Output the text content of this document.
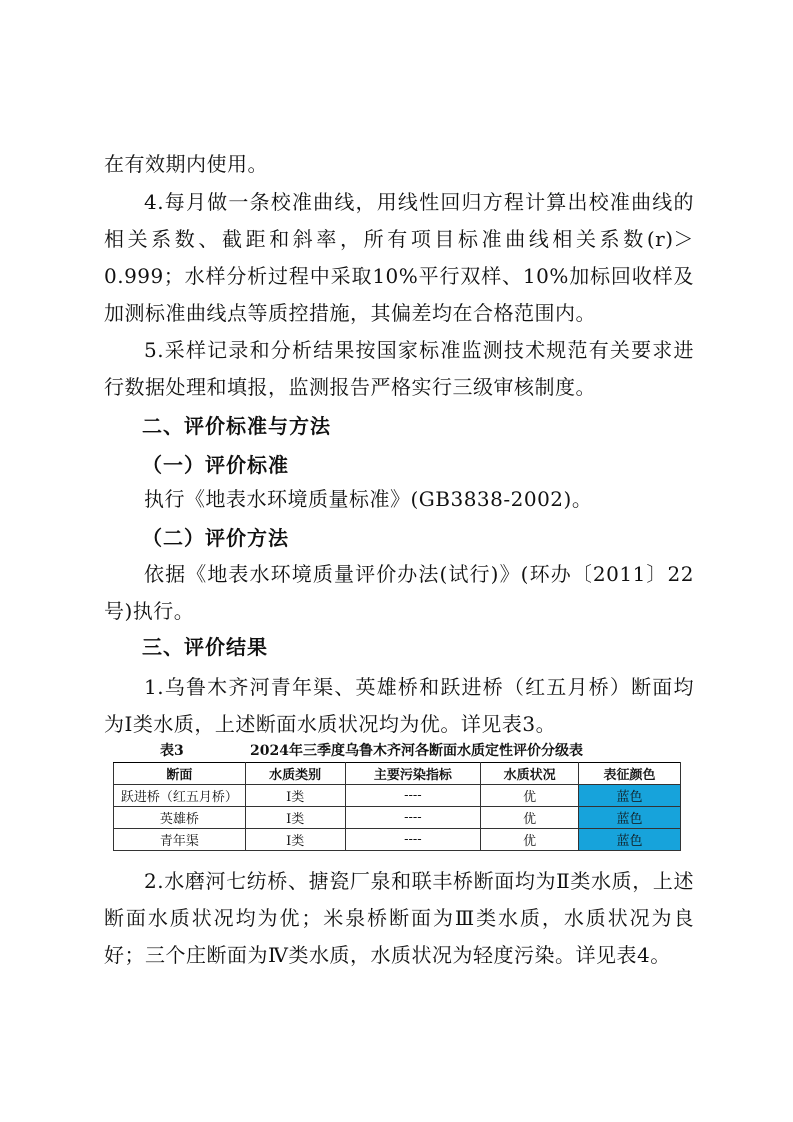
在有效期内使用。

4.每月做一条校准曲线，用线性回归方程计算出校准曲线的相关系数、截距和斜率，所有项目标准曲线相关系数(r)＞0.999；水样分析过程中采取10%平行双样、10%加标回收样及加测标准曲线点等质控措施，其偏差均在合格范围内。

5.采样记录和分析结果按国家标准监测技术规范有关要求进行数据处理和填报，监测报告严格实行三级审核制度。

二、评价标准与方法
（一）评价标准

执行《地表水环境质量标准》(GB3838-2002)。

（二）评价方法

依据《地表水环境质量评价办法(试行)》(环办〔2011〕22号)执行。

三、评价结果

1.乌鲁木齐河青年渠、英雄桥和跃进桥（红五月桥）断面均为Ⅰ类水质，上述断面水质状况均为优。详见表3。

表3	2024年三季度乌鲁木齐河各断面水质定性评价分级表
断面	水质类别	主要污染指标	水质状况	表征颜色
跃进桥（红五月桥）	Ⅰ类	----	优	蓝色
英雄桥	Ⅰ类	----	优	蓝色
青年渠	Ⅰ类	----	优	蓝色

2.水磨河七纺桥、搪瓷厂泉和联丰桥断面均为Ⅱ类水质，上述断面水质状况均为优；米泉桥断面为Ⅲ类水质，水质状况为良好；三个庄断面为Ⅳ类水质，水质状况为轻度污染。详见表4。
